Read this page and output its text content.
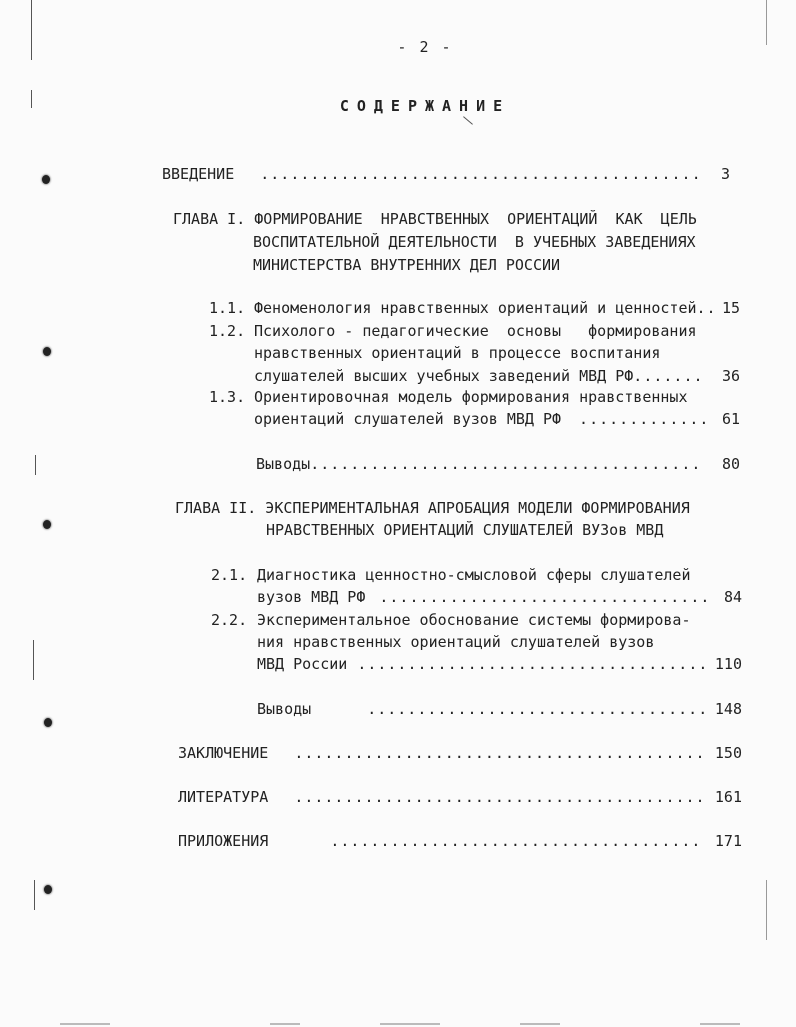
- 2 -
СОДЕРЖАНИЕ
ВВЕДЕНИЕ .....	3
ГЛАВА I. ФОРМИРОВАНИЕ  НРАВСТВЕННЫХ  ОРИЕНТАЦИЙ  КАК  ЦЕЛЬ
ВОСПИТАТЕЛЬНОЙ ДЕЯТЕЛЬНОСТИ  В УЧЕБНЫХ ЗАВЕДЕНИЯХ
МИНИСТЕРСТВА ВНУТРЕННИХ ДЕЛ РОССИИ
1.1. Феноменология нравственных ориентаций и ценностей ..... 15
1.2. Психолого - педагогические  основы   формирования
нравственных ориентаций в процессе воспитания
слушателей высших учебных заведений МВД РФ .....	36
1.3. Ориентировочная модель формирования нравственных
ориентаций слушателей вузов МВД РФ .....	61
Выводы .....	80
ГЛАВА II. ЭКСПЕРИМЕНТАЛЬНАЯ АПРОБАЦИЯ МОДЕЛИ ФОРМИРОВАНИЯ
НРАВСТВЕННЫХ ОРИЕНТАЦИЙ СЛУШАТЕЛЕЙ ВУЗов МВД
2.1. Диагностика ценностно-смысловой сферы слушателей
вузов МВД РФ .....	84
2.2. Экспериментальное обоснование системы формирова-
ния нравственных ориентаций слушателей вузов
МВД России .....	110
Выводы .....	148
ЗАКЛЮЧЕНИЕ .....	150
ЛИТЕРАТУРА .....	161
ПРИЛОЖЕНИЯ .....	171
